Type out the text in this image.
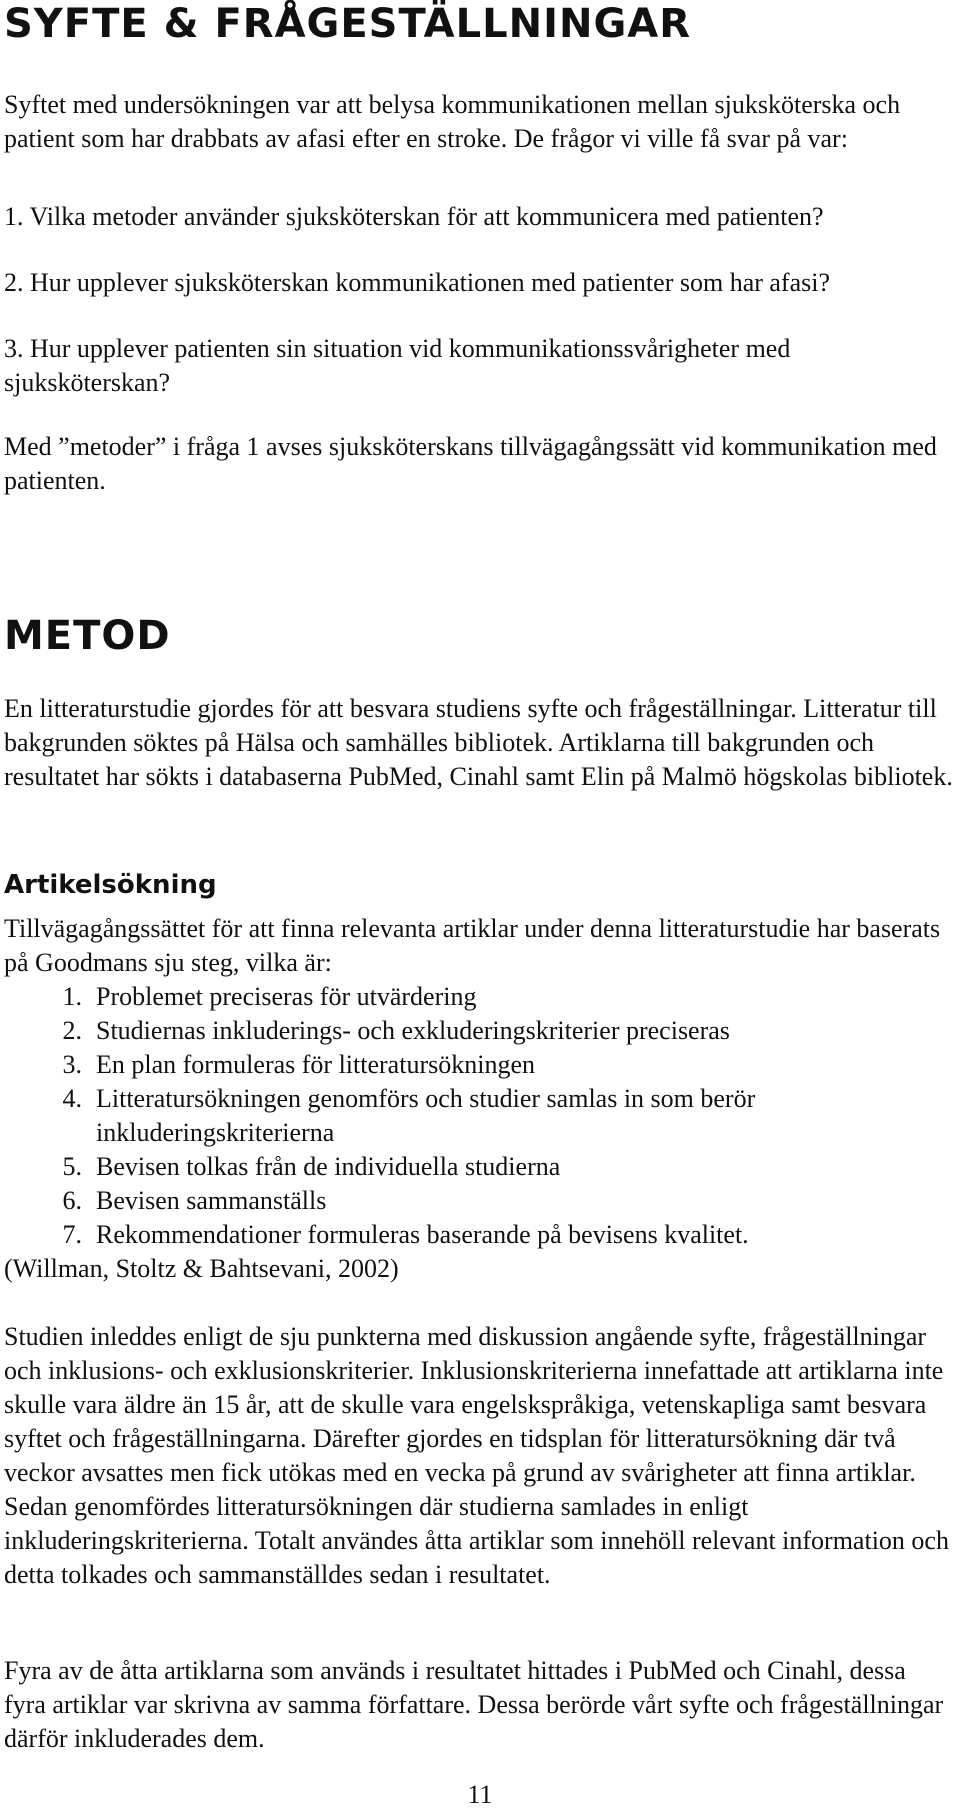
SYFTE & FRÅGESTÄLLNINGAR

Syftet med undersökningen var att belysa kommunikationen mellan sjuksköterska och patient som har drabbats av afasi efter en stroke. De frågor vi ville få svar på var:

1. Vilka metoder använder sjuksköterskan för att kommunicera med patienten?

2. Hur upplever sjuksköterskan kommunikationen med patienter som har afasi?

3. Hur upplever patienten sin situation vid kommunikationssvårigheter med sjuksköterskan?

Med ”metoder” i fråga 1 avses sjuksköterskans tillvägagångssätt vid kommunikation med patienten.

METOD

En litteraturstudie gjordes för att besvara studiens syfte och frågeställningar. Litteratur till bakgrunden söktes på Hälsa och samhälles bibliotek. Artiklarna till bakgrunden och resultatet har sökts i databaserna PubMed, Cinahl samt Elin på Malmö högskolas bibliotek.

Artikelsökning

Tillvägagångssättet för att finna relevanta artiklar under denna litteraturstudie har baserats på Goodmans sju steg, vilka är:

1. Problemet preciseras för utvärdering
2. Studiernas inkluderings- och exkluderingskriterier preciseras
3. En plan formuleras för litteratursökningen
4. Litteratursökningen genomförs och studier samlas in som berör inkluderingskriterierna
5. Bevisen tolkas från de individuella studierna
6. Bevisen sammanställs
7. Rekommendationer formuleras baserande på bevisens kvalitet.

(Willman, Stoltz & Bahtsevani, 2002)

Studien inleddes enligt de sju punkterna med diskussion angående syfte, frågeställningar och inklusions- och exklusionskriterier. Inklusionskriterierna innefattade att artiklarna inte skulle vara äldre än 15 år, att de skulle vara engelskspråkiga, vetenskapliga samt besvara syftet och frågeställningarna. Därefter gjordes en tidsplan för litteratursökning där två veckor avsattes men fick utökas med en vecka på grund av svårigheter att finna artiklar. Sedan genomfördes litteratursökningen där studierna samlades in enligt inkluderingskriterierna. Totalt användes åtta artiklar som innehöll relevant information och detta tolkades och sammanställdes sedan i resultatet.

Fyra av de åtta artiklarna som används i resultatet hittades i PubMed och Cinahl, dessa fyra artiklar var skrivna av samma författare. Dessa berörde vårt syfte och frågeställningar därför inkluderades dem.

11
